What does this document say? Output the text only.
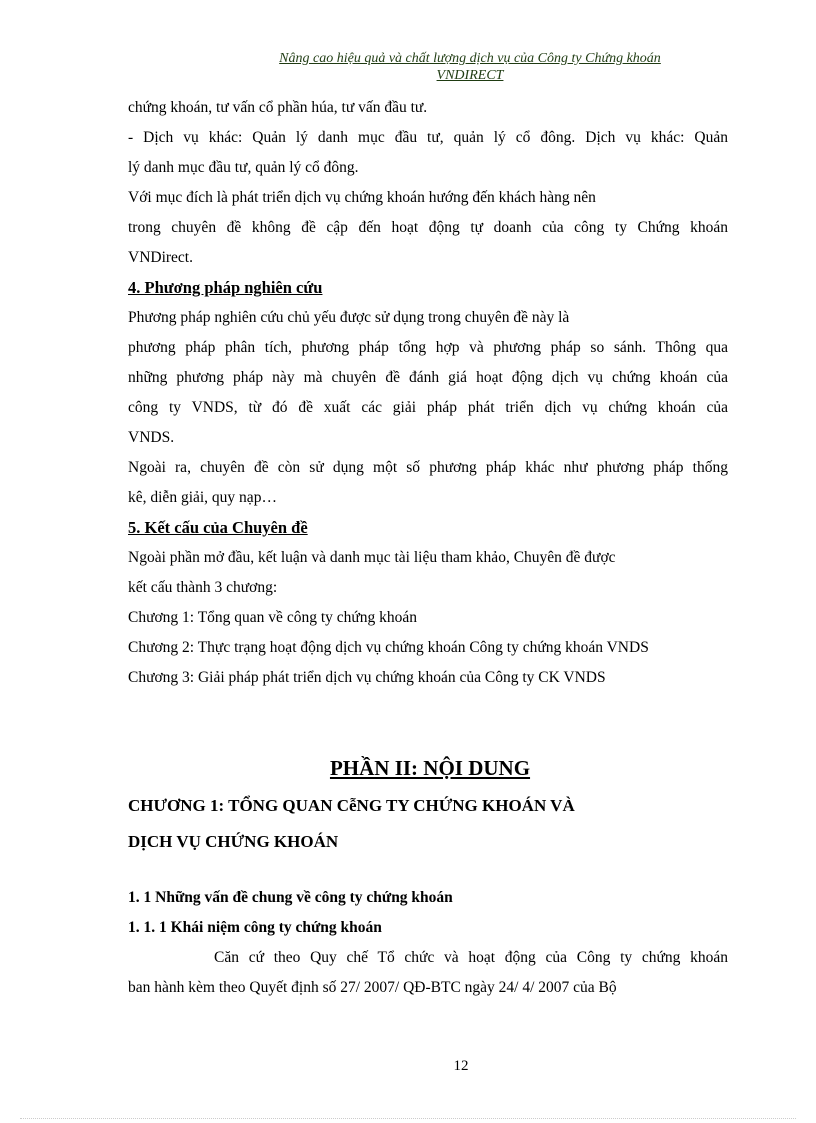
Nâng cao hiệu quả và chất lượng dịch vụ của Công ty Chứng khoán
VNDIRECT
chứng khoán, tư vấn cổ phần húa, tư vấn đầu tư.
- Dịch vụ khác: Quản lý danh mục đầu tư, quản lý cổ đông. Dịch vụ khác: Quản
lý danh mục đầu tư, quản lý cổ đông.
Với mục đích là phát triển dịch vụ chứng khoán hướng đến khách hàng nên
trong chuyên đề không đề cập đến hoạt động tự doanh của công ty Chứng khoán
VNDirect.
4. Phương pháp nghiên cứu
Phương pháp nghiên cứu chủ yếu được sử dụng trong chuyên đề này là
phương pháp phân tích, phương pháp tổng hợp và phương pháp so sánh. Thông qua
những phương pháp này mà chuyên đề đánh giá hoạt động dịch vụ chứng khoán của
công ty VNDS, từ đó đề xuất các giải pháp phát triển dịch vụ chứng khoán của
VNDS.
Ngoài ra, chuyên đề còn sử dụng một số phương pháp khác như phương pháp thống
kê, diễn giải, quy nạp…
5. Kết cấu của Chuyên đề
Ngoài phần mở đầu, kết luận và danh mục tài liệu tham khảo, Chuyên đề được
kết cấu thành 3 chương:
Chương 1: Tổng quan về công ty chứng khoán
Chương 2: Thực trạng hoạt động dịch vụ chứng khoán Công ty chứng khoán VNDS
Chương 3: Giải pháp phát triển dịch vụ chứng khoán của Công ty CK VNDS
PHẦN II: NỘI DUNG
CHƯƠNG 1: TỔNG QUAN CễNG TY CHỨNG KHOÁN VÀ
DỊCH VỤ CHỨNG KHOÁN
1. 1 Những vấn đề chung về công ty chứng khoán
1. 1. 1 Khái niệm công ty chứng khoán
Căn cứ theo Quy chế Tổ chức và hoạt động của Công ty chứng khoán
ban hành kèm theo Quyết định số 27/ 2007/ QĐ-BTC ngày 24/ 4/ 2007 của Bộ
12
